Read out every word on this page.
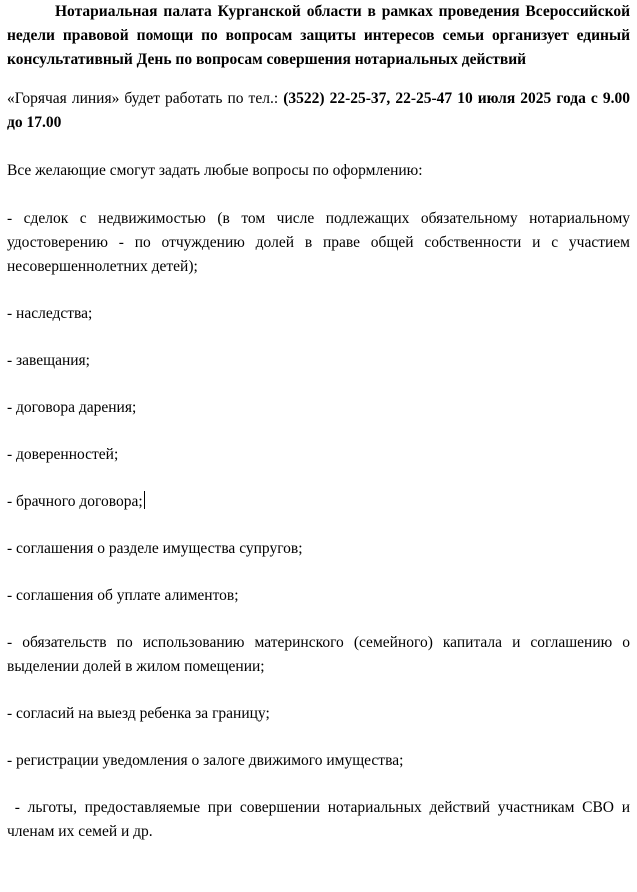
Нотариальная палата Курганской области в рамках проведения Всероссийской недели правовой помощи по вопросам защиты интересов семьи организует единый консультативный День по вопросам совершения нотариальных действий

«Горячая линия» будет работать по тел.: (3522) 22-25-37, 22-25-47 10 июля 2025 года с 9.00 до 17.00

Все желающие смогут задать любые вопросы по оформлению:

- сделок с недвижимостью (в том числе подлежащих обязательному нотариальному удостоверению - по отчуждению долей в праве общей собственности и с участием несовершеннолетних детей);

- наследства;

- завещания;

- договора дарения;

- доверенностей;

- брачного договора;

- соглашения о разделе имущества супругов;

- соглашения об уплате алиментов;

- обязательств по использованию материнского (семейного) капитала и соглашению о выделении долей в жилом помещении;

- согласий на выезд ребенка за границу;

- регистрации уведомления о залоге движимого имущества;

- льготы, предоставляемые при совершении нотариальных действий участникам СВО и членам их семей и др.
